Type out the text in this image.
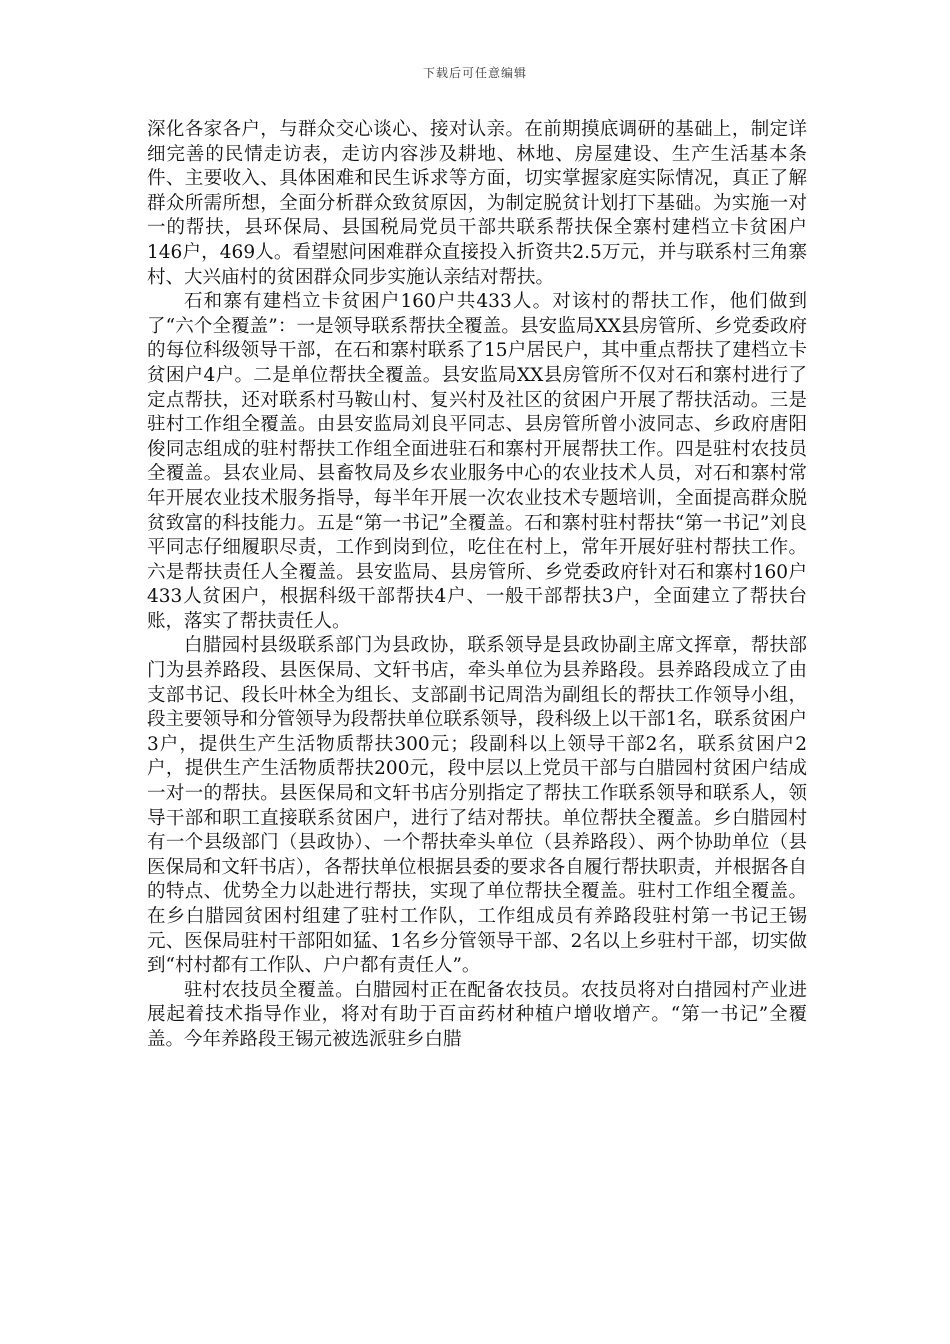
下载后可任意编辑

深化各家各户，与群众交心谈心、接对认亲。在前期摸底调研的基础上，制定详细完善的民情走访表，走访内容涉及耕地、林地、房屋建设、生产生活基本条件、主要收入、具体困难和民生诉求等方面，切实掌握家庭实际情况，真正了解群众所需所想，全面分析群众致贫原因，为制定脱贫计划打下基础。为实施一对一的帮扶，县环保局、县国税局党员干部共联系帮扶保全寨村建档立卡贫困户146户，469人。看望慰问困难群众直接投入折资共2.5万元，并与联系村三角寨村、大兴庙村的贫困群众同步实施认亲结对帮扶。

石和寨有建档立卡贫困户160户共433人。对该村的帮扶工作，他们做到了“六个全覆盖”：一是领导联系帮扶全覆盖。县安监局XX县房管所、乡党委政府的每位科级领导干部，在石和寨村联系了15户居民户，其中重点帮扶了建档立卡贫困户4户。二是单位帮扶全覆盖。县安监局XX县房管所不仅对石和寨村进行了定点帮扶，还对联系村马鞍山村、复兴村及社区的贫困户开展了帮扶活动。三是驻村工作组全覆盖。由县安监局刘良平同志、县房管所曾小波同志、乡政府唐阳俊同志组成的驻村帮扶工作组全面进驻石和寨村开展帮扶工作。四是驻村农技员全覆盖。县农业局、县畜牧局及乡农业服务中心的农业技术人员，对石和寨村常年开展农业技术服务指导，每半年开展一次农业技术专题培训，全面提高群众脱贫致富的科技能力。五是“第一书记”全覆盖。石和寨村驻村帮扶“第一书记”刘良平同志仔细履职尽责，工作到岗到位，吃住在村上，常年开展好驻村帮扶工作。六是帮扶责任人全覆盖。县安监局、县房管所、乡党委政府针对石和寨村160户433人贫困户，根据科级干部帮扶4户、一般干部帮扶3户，全面建立了帮扶台账，落实了帮扶责任人。

白腊园村县级联系部门为县政协，联系领导是县政协副主席文挥章，帮扶部门为县养路段、县医保局、文轩书店，牵头单位为县养路段。县养路段成立了由支部书记、段长叶林全为组长、支部副书记周浩为副组长的帮扶工作领导小组，段主要领导和分管领导为段帮扶单位联系领导，段科级上以干部1名，联系贫困户3户，提供生产生活物质帮扶300元；段副科以上领导干部2名，联系贫困户2户，提供生产生活物质帮扶200元，段中层以上党员干部与白腊园村贫困户结成一对一的帮扶。县医保局和文轩书店分别指定了帮扶工作联系领导和联系人，领导干部和职工直接联系贫困户，进行了结对帮扶。单位帮扶全覆盖。乡白腊园村有一个县级部门（县政协）、一个帮扶牵头单位（县养路段）、两个协助单位（县医保局和文轩书店），各帮扶单位根据县委的要求各自履行帮扶职责，并根据各自的特点、优势全力以赴进行帮扶，实现了单位帮扶全覆盖。驻村工作组全覆盖。在乡白腊园贫困村组建了驻村工作队，工作组成员有养路段驻村第一书记王锡元、医保局驻村干部阳如猛、1名乡分管领导干部、2名以上乡驻村干部，切实做到“村村都有工作队、户户都有责任人”。

驻村农技员全覆盖。白腊园村正在配备农技员。农技员将对白措园村产业进展起着技术指导作业，将对有助于百亩药材种植户增收增产。“第一书记”全覆盖。今年养路段王锡元被选派驻乡白腊
